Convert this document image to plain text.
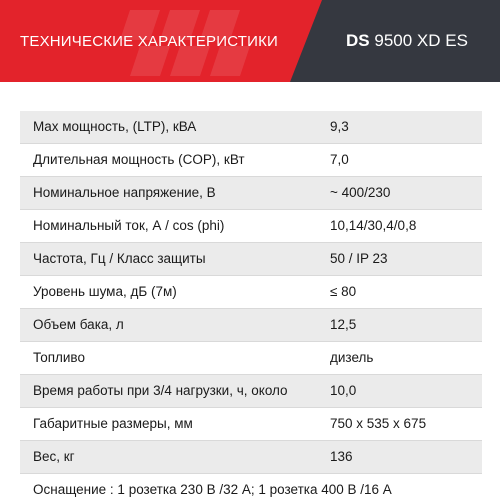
ТЕХНИЧЕСКИЕ ХАРАКТЕРИСТИКИ	DS 9500 XD ES
Max мощность, (LTP), кВА	9,3
Длительная мощность (COP), кВт	7,0
Номинальное напряжение, В	~ 400/230
Номинальный ток, А / cos (phi)	10,14/30,4/0,8
Частота, Гц / Класс защиты	50 / IP 23
Уровень шума, дБ (7м)	≤ 80
Объем бака, л	12,5
Топливо	дизель
Время работы при 3/4 нагрузки, ч, около	10,0
Габаритные размеры, мм	750 х 535 х 675
Вес, кг	136
Оснащение : 1 розетка 230 В /32 А; 1 розетка 400 В /16 А
